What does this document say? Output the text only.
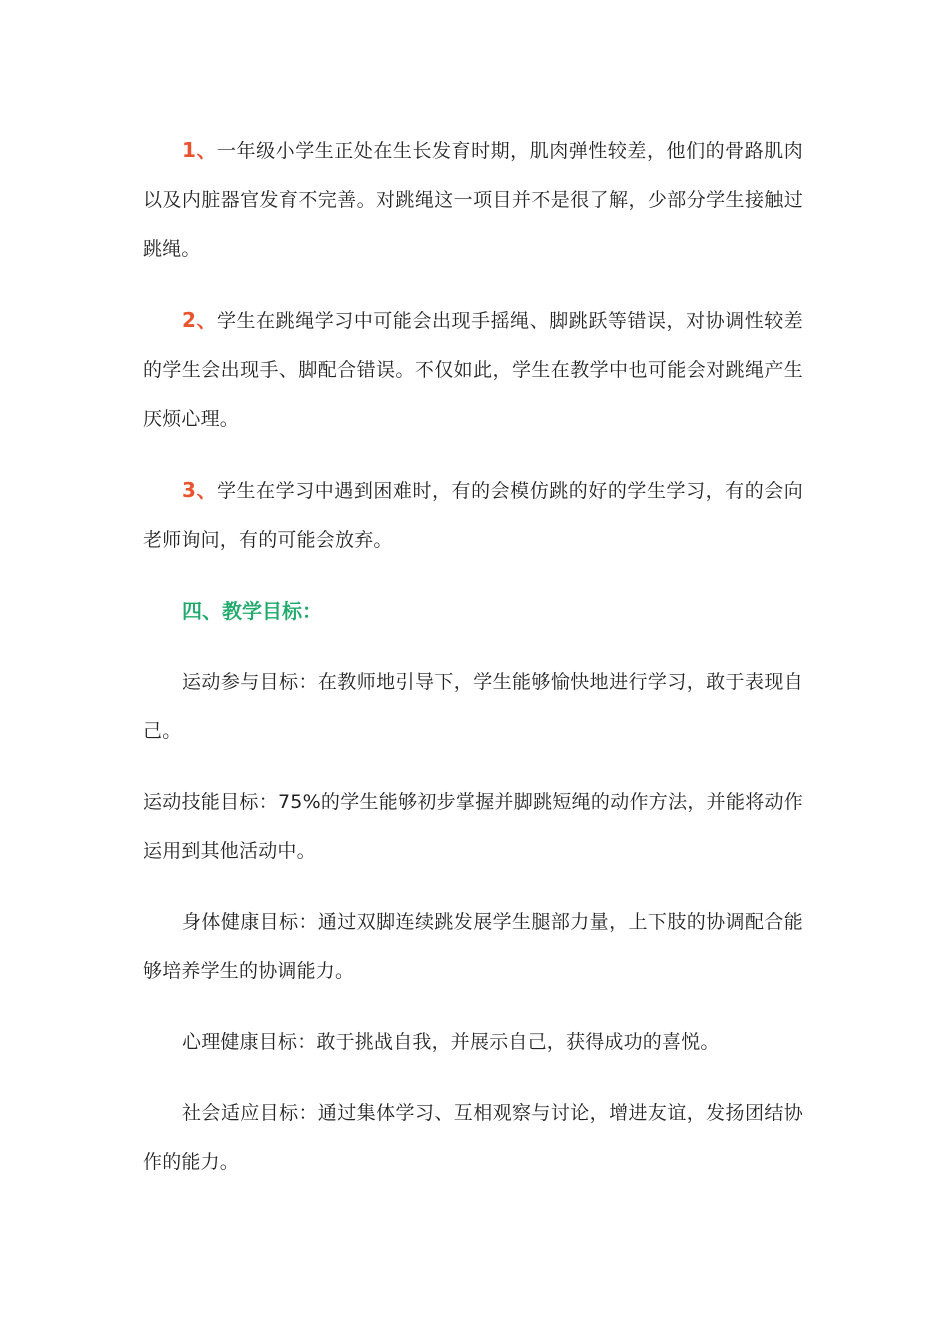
1、一年级小学生正处在生长发育时期，肌肉弹性较差，他们的骨路肌肉以及内脏器官发育不完善。对跳绳这一项目并不是很了解，少部分学生接触过跳绳。

2、学生在跳绳学习中可能会出现手摇绳、脚跳跃等错误，对协调性较差的学生会出现手、脚配合错误。不仅如此，学生在教学中也可能会对跳绳产生厌烦心理。

3、学生在学习中遇到困难时，有的会模仿跳的好的学生学习，有的会向老师询问，有的可能会放弃。

四、教学目标：

运动参与目标：在教师地引导下，学生能够愉快地进行学习，敢于表现自己。

运动技能目标：75%的学生能够初步掌握并脚跳短绳的动作方法，并能将动作运用到其他活动中。

身体健康目标：通过双脚连续跳发展学生腿部力量，上下肢的协调配合能够培养学生的协调能力。

心理健康目标：敢于挑战自我，并展示自己，获得成功的喜悦。

社会适应目标：通过集体学习、互相观察与讨论，增进友谊，发扬团结协作的能力。
